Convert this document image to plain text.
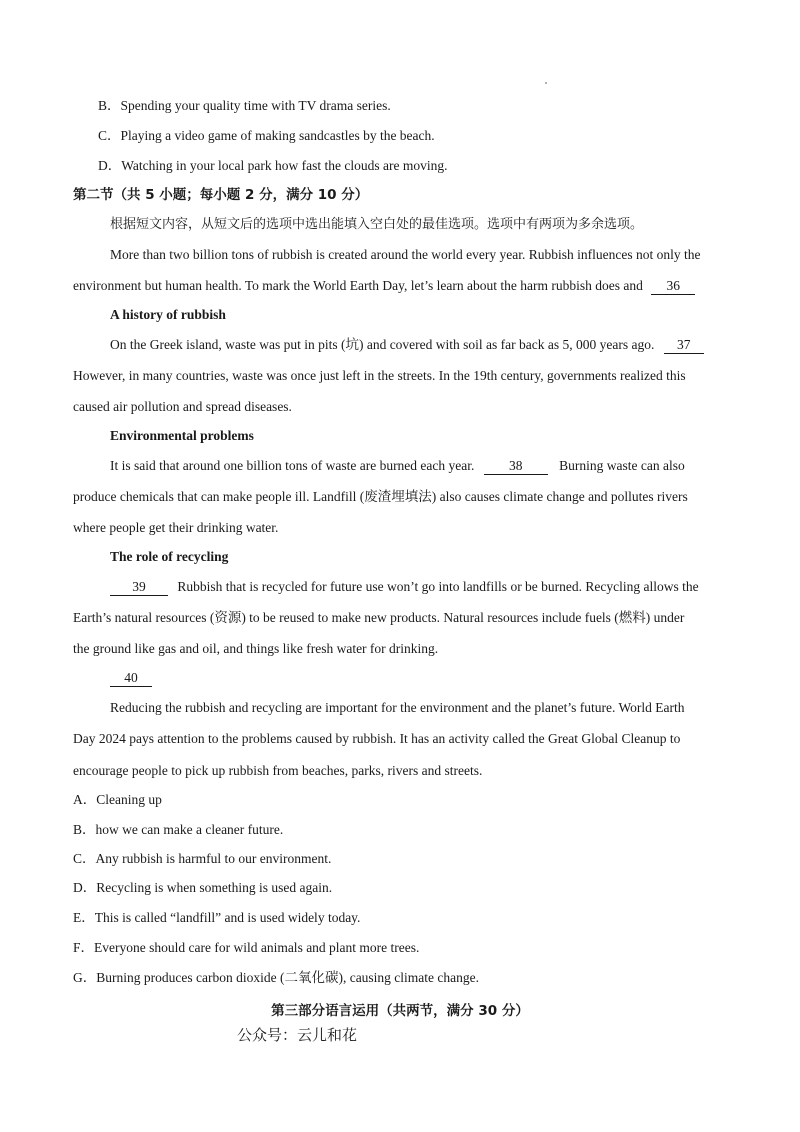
B．Spending your quality time with TV drama series.
C．Playing a video game of making sandcastles by the beach.
D．Watching in your local park how fast the clouds are moving.
第二节（共 5 小题；每小题 2 分，满分 10 分）
根据短文内容，从短文后的选项中选出能填入空白处的最佳选项。选项中有两项为多余选项。
More than two billion tons of rubbish is created around the world every year. Rubbish influences not only the
environment but human health. To mark the World Earth Day, let’s learn about the harm rubbish does and 36
A history of rubbish
On the Greek island, waste was put in pits (坑) and covered with soil as far back as 5, 000 years ago. 37
However, in many countries, waste was once just left in the streets. In the 19th century, governments realized this
caused air pollution and spread diseases.
Environmental problems
It is said that around one billion tons of waste are burned each year.	38	Burning waste can also
produce chemicals that can make people ill. Landfill (废渣埋填法) also causes climate change and pollutes rivers
where people get their drinking water.
The role of recycling
39 Rubbish that is recycled for future use won’t go into landfills or be burned. Recycling allows the
Earth’s natural resources (资源) to be reused to make new products. Natural resources include fuels (燃料) under
the ground like gas and oil, and things like fresh water for drinking.
40
Reducing the rubbish and recycling are important for the environment and the planet’s future. World Earth
Day 2024 pays attention to the problems caused by rubbish. It has an activity called the Great Global Cleanup to
encourage people to pick up rubbish from beaches, parks, rivers and streets.
A．Cleaning up
B．how we can make a cleaner future.
C．Any rubbish is harmful to our environment.
D．Recycling is when something is used again.
E．This is called “landfill” and is used widely today.
F．Everyone should care for wild animals and plant more trees.
G．Burning produces carbon dioxide (二氧化碳), causing climate change.
第三部分语言运用（共两节，满分 30 分）
公众号：云儿和花
